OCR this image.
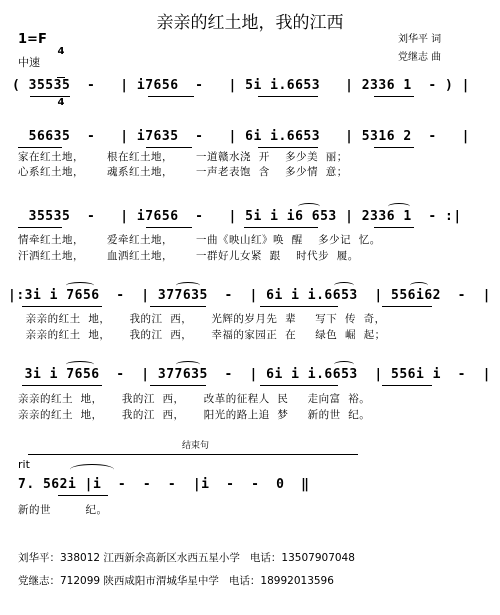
亲亲的红土地，我的江西
刘华平 词
党继志 曲
1=F

4

4

中速
( 35535  -   | i7656  -   | 5i i.6653   | 2336 1  - ) |
56635  -   | i7635  -   | 6i i.6653   | 5316 2  -   |
家在红土地，      根在红土地，      一道赣水浇  开    多少美  丽；
心系红土地，      魂系红土地，      一声老表饱  含    多少情  意；
35535  -   | i7656  -   | 5i i i6 653 | 2336 1  - :|
情牵红土地，      爱牵红土地，      一曲《映山红》唤  醒    多少记  忆。
汗洒红土地，      血洒红土地，      一群好儿女紧  跟    时代步  履。
|:3i i 7656  -  | 377635  -  | 6i i i.6653  | 556i62  -  |
亲亲的红土  地，     我的江  西，     光辉的岁月先  辈     写下  传  奇，
亲亲的红土  地，     我的江  西，     幸福的家园正  在     绿色  崛  起；
3i i 7656  -  | 377635  -  | 6i i i.6653  | 556i i  -  |
亲亲的红土  地，     我的江  西，     改革的征程人  民     走向富  裕。
亲亲的红土  地，     我的江  西，     阳光的路上追  梦     新的世  纪。
结束句
rit
7. 562i |i  -  -  -  |i  -  -  0  ‖
新的世         纪。
刘华平：338012 江西新余高新区水西五星小学   电话：13507907048
党继志：712099 陕西咸阳市渭城华星中学   电话：18992013596
